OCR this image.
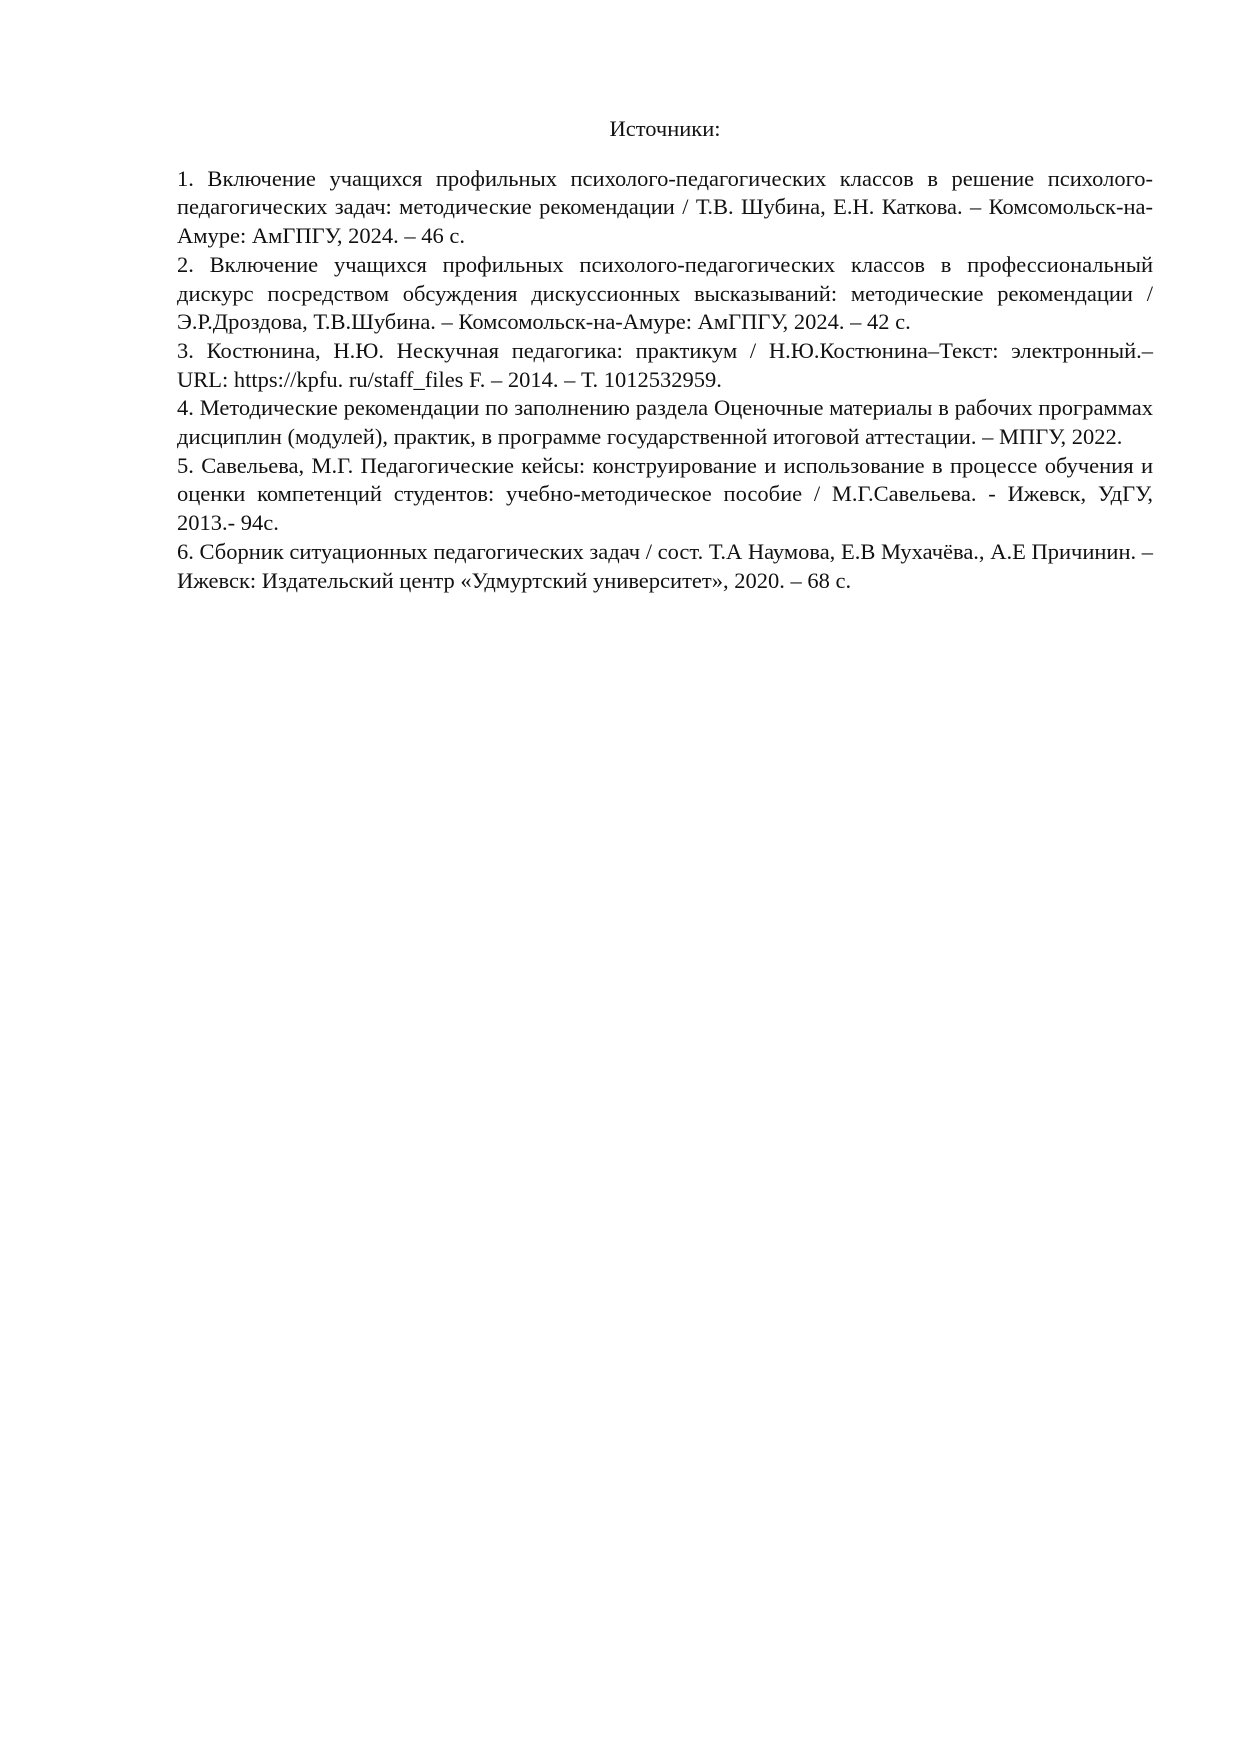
Источники:

1. Включение учащихся профильных психолого-педагогических классов в решение психолого-педагогических задач: методические рекомендации / Т.В. Шубина, Е.Н. Каткова. – Комсомольск-на-Амуре: АмГПГУ, 2024. – 46 с.

2. Включение учащихся профильных психолого-педагогических классов в профессиональный дискурс посредством обсуждения дискуссионных высказываний: методические рекомендации / Э.Р.Дроздова, Т.В.Шубина. – Комсомольск-на-Амуре: АмГПГУ, 2024. – 42 с.

3. Костюнина, Н.Ю. Нескучная педагогика: практикум / Н.Ю.Костюнина–Текст: электронный.– URL: https://kpfu. ru/staff_files F. – 2014. – Т. 1012532959.

4. Методические рекомендации по заполнению раздела Оценочные материалы в рабочих программах дисциплин (модулей), практик, в программе государственной итоговой аттестации. – МПГУ, 2022.

5. Савельева, М.Г. Педагогические кейсы: конструирование и использование в процессе обучения и оценки компетенций студентов: учебно-методическое пособие / М.Г.Савельева. - Ижевск, УдГУ, 2013.- 94с.

6. Сборник ситуационных педагогических задач / сост. Т.А Наумова, Е.В Мухачёва., А.Е Причинин. – Ижевск: Издательский центр «Удмуртский университет», 2020. – 68 с.
